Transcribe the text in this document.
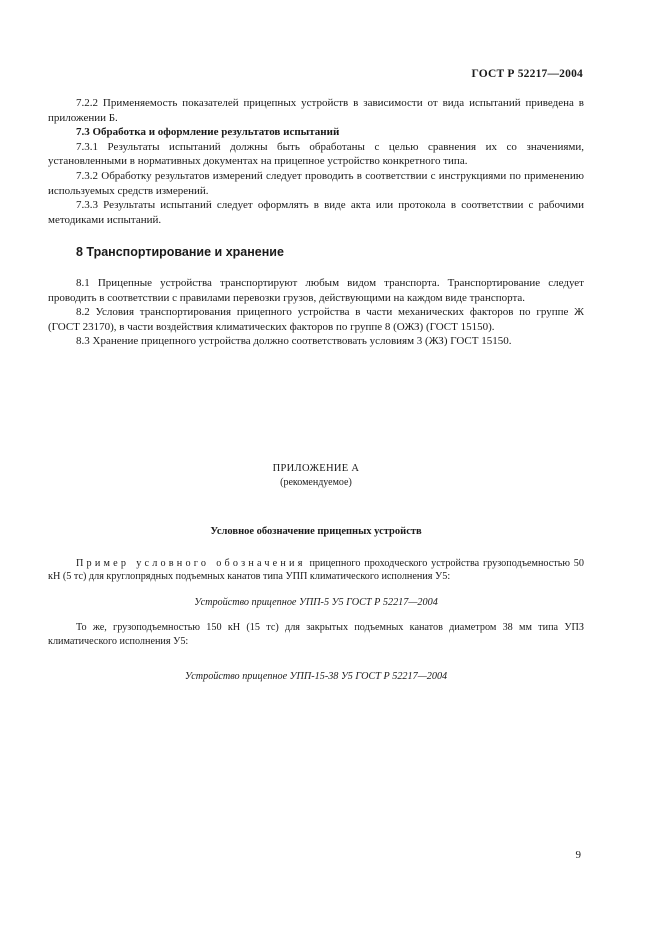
ГОСТ Р 52217—2004

7.2.2 Применяемость показателей прицепных устройств в зависимости от вида испытаний приведена в приложении Б.

7.3 Обработка и оформление результатов испытаний

7.3.1 Результаты испытаний должны быть обработаны с целью сравнения их со значениями, установленными в нормативных документах на прицепное устройство конкретного типа.

7.3.2 Обработку результатов измерений следует проводить в соответствии с инструкциями по применению используемых средств измерений.

7.3.3 Результаты испытаний следует оформлять в виде акта или протокола в соответствии с рабочими методиками испытаний.

8 Транспортирование и хранение

8.1 Прицепные устройства транспортируют любым видом транспорта. Транспортирование следует проводить в соответствии с правилами перевозки грузов, действующими на каждом виде транспорта.

8.2 Условия транспортирования прицепного устройства в части механических факторов по группе Ж (ГОСТ 23170), в части воздействия климатических факторов по группе 8 (ОЖЗ) (ГОСТ 15150).

8.3 Хранение прицепного устройства должно соответствовать условиям 3 (ЖЗ) ГОСТ 15150.

ПРИЛОЖЕНИЕ А

(рекомендуемое)

Условное обозначение прицепных устройств

Пример условного обозначения прицепного проходческого устройства грузоподъемностью 50 кН (5 тс) для круглопрядных подъемных канатов типа УПП климатического исполнения У5:

Устройство прицепное УПП-5 У5 ГОСТ Р 52217—2004

То же, грузоподъемностью 150 кН (15 тс) для закрытых подъемных канатов диаметром 38 мм типа УПЗ климатического исполнения У5:

Устройство прицепное УПП-15-38 У5 ГОСТ Р 52217—2004

9
